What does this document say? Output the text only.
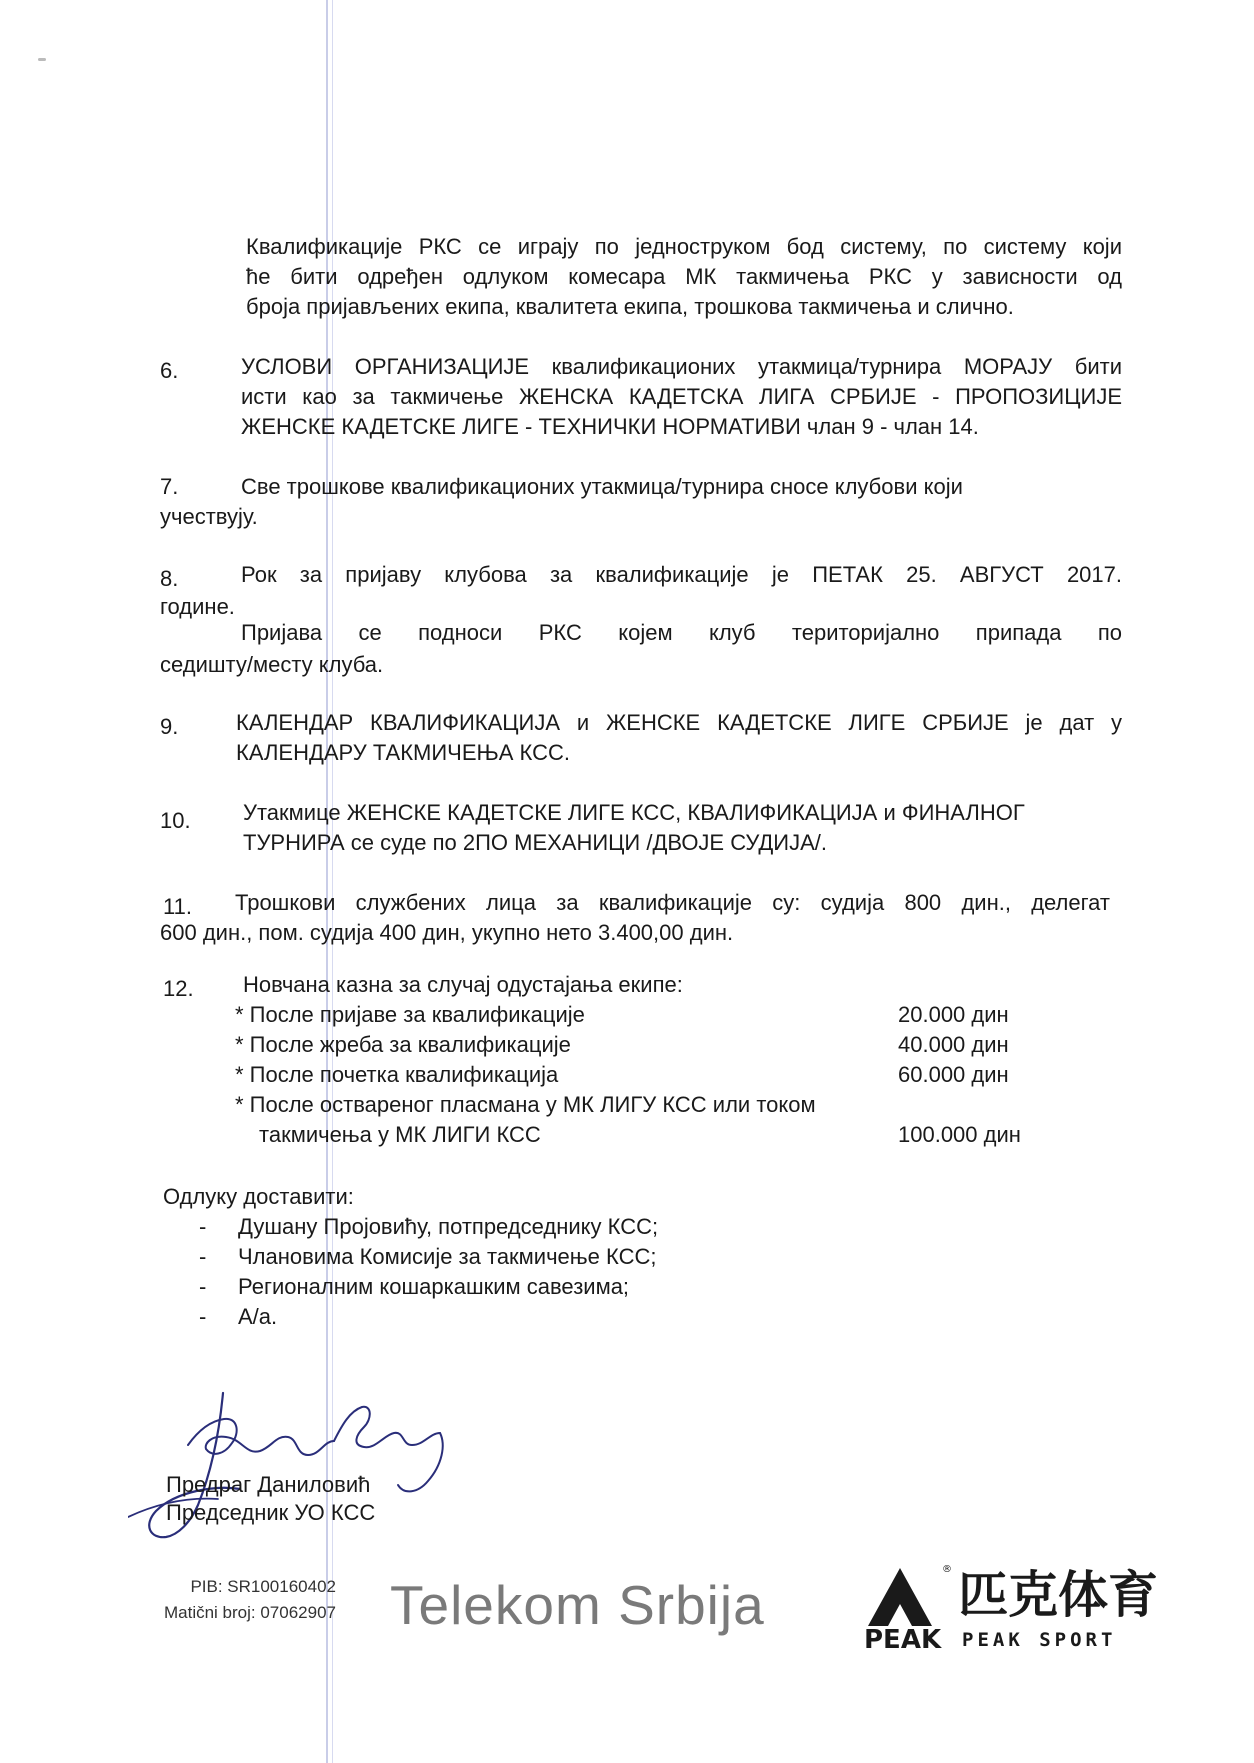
Квалификације РКС се играју по једноструком бод систему, по систему који
ће бити одређен одлуком комесара МК такмичења РКС у зависности од
броја пријављених екипа, квалитета екипа, трошкова такмичења и слично.
6.	УСЛОВИ ОРГАНИЗАЦИЈЕ квалификационих утакмица/турнира МОРАЈУ бити
исти као за такмичење ЖЕНСКА КАДЕТСКА ЛИГА СРБИЈЕ - ПРОПОЗИЦИЈЕ
ЖЕНСКЕ КАДЕТСКЕ ЛИГЕ - ТЕХНИЧКИ НОРМАТИВИ члан 9 - члан 14.
7.	Све трошкове квалификационих утакмица/турнира сносе клубови који
учествују.
8.	Рок за пријаву клубова за квалификације је ПЕТАК 25. АВГУСТ 2017.
године.
Пријава се подноси РКС којем клуб територијално припада по
седишту/месту клуба.
9.	КАЛЕНДАР КВАЛИФИКАЦИЈА и ЖЕНСКЕ КАДЕТСКЕ ЛИГЕ СРБИЈЕ је дат у
КАЛЕНДАРУ ТАКМИЧЕЊА КСС.
10. Утакмице ЖЕНСКЕ КАДЕТСКЕ ЛИГЕ КСС, КВАЛИФИКАЦИЈА и ФИНАЛНОГ
ТУРНИРА се суде по 2ПО МЕХАНИЦИ /ДВОЈЕ СУДИЈА/.
11. Трошкови службених лица за квалификације су: судија 800 дин., делегат
600 дин., пом. судија 400 дин, укупно нето 3.400,00 дин.
12. Новчана казна за случај одустајања екипе:
* После пријаве за квалификације	20.000 дин
* После жреба за квалификације	40.000 дин
* После почетка квалификација	60.000 дин
* После оствареног пласмана у МК ЛИГУ КСС или током
такмичења у МК ЛИГИ КСС	100.000 дин
Одлуку доставити:
- Душану Пројовићу, потпредседнику КСС;
- Члановима Комисије за такмичење КСС;
- Регионалним кошаркашким савезима;
- А/а.
Предраг Даниловић
Председник УО КСС
PIB: SR100160402
Matični broj: 07062907 Telekom Srbija
®
PEAK
匹克体育
PEAK SPORT
